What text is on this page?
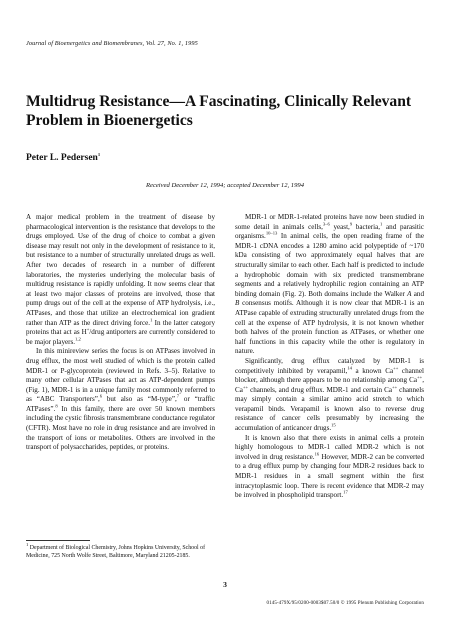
Journal of Bioenergetics and Biomembranes, Vol. 27, No. 1, 1995
Multidrug Resistance—A Fascinating, Clinically Relevant Problem in Bioenergetics
Peter L. Pedersen$^1$
Received December 12, 1994; accepted December 12, 1994

A major medical problem in the treatment of disease by pharmacological intervention is the resistance that develops to the drugs employed. Use of the drug of choice to combat a given disease may result not only in the development of resistance to it, but resistance to a number of structurally unrelated drugs as well. After two decades of research in a number of different laboratories, the mysteries underlying the molecular basis of multidrug resistance is rapidly unfolding. It now seems clear that at least two major classes of proteins are involved, those that pump drugs out of the cell at the expense of ATP hydrolysis, i.e., ATPases, and those that utilize an electrochemical ion gradient rather than ATP as the direct driving force.$^1$ In the latter category proteins that act as H+/drug antiporters are currently considered to be major players.$^{1,2}$

In this minireview series the focus is on ATPases involved in drug efflux, the most well studied of which is the protein called MDR-1 or P-glycoprotein (reviewed in Refs. 3–5). Relative to many other cellular ATPases that act as ATP-dependent pumps (Fig. 1), MDR-1 is in a unique family most commonly referred to as “ABC Transporters”,$^6$ but also as “M-type”,$^7$ or “traffic ATPases”.$^8$ In this family, there are over 50 known members including the cystic fibrosis transmembrane conductance regulator (CFTR). Most have no role in drug resistance and are involved in the transport of ions or metabolites. Others are involved in the transport of polysaccharides, peptides, or proteins.

$^1$ Department of Biological Chemistry, Johns Hopkins University, School of Medicine, 725 North Wolfe Street, Baltimore, Maryland 21205-2185.

MDR-1 or MDR-1-related proteins have now been studied in some detail in animals cells,$^{3-6}$ yeast,$^9$ bacteria,$^1$ and parasitic organisms.$^{10-13}$ In animal cells, the open reading frame of the MDR-1 cDNA encodes a 1280 amino acid polypeptide of ~170 kDa consisting of two approximately equal halves that are structurally similar to each other. Each half is predicted to include a hydrophobic domain with six predicted transmembrane segments and a relatively hydrophilic region containing an ATP binding domain (Fig. 2). Both domains include the Walker A and B consensus motifs. Although it is now clear that MDR-1 is an ATPase capable of extruding structurally unrelated drugs from the cell at the expense of ATP hydrolysis, it is not known whether both halves of the protein function as ATPases, or whether one half functions in this capacity while the other is regulatory in nature.

Significantly, drug efflux catalyzed by MDR-1 is competitively inhibited by verapamil,$^{14}$ a known Ca++ channel blocker, although there appears to be no relationship among Ca++, Ca++ channels, and drug efflux. MDR-1 and certain Ca++ channels may simply contain a similar amino acid stretch to which verapamil binds. Verapamil is known also to reverse drug resistance of cancer cells presumably by increasing the accumulation of anticancer drugs.$^{15}$

It is known also that there exists in animal cells a protein highly homologous to MDR-1 called MDR-2 which is not involved in drug resistance.$^{16}$ However, MDR-2 can be converted to a drug efflux pump by changing four MDR-2 residues back to MDR-1 residues in a small segment within the first intracytoplasmic loop. There is recent evidence that MDR-2 may be involved in phospholipid transport.$^{17}$

3
0145-479X/95/0200-0003$07.50/0 © 1995 Plenum Publishing Corporation
